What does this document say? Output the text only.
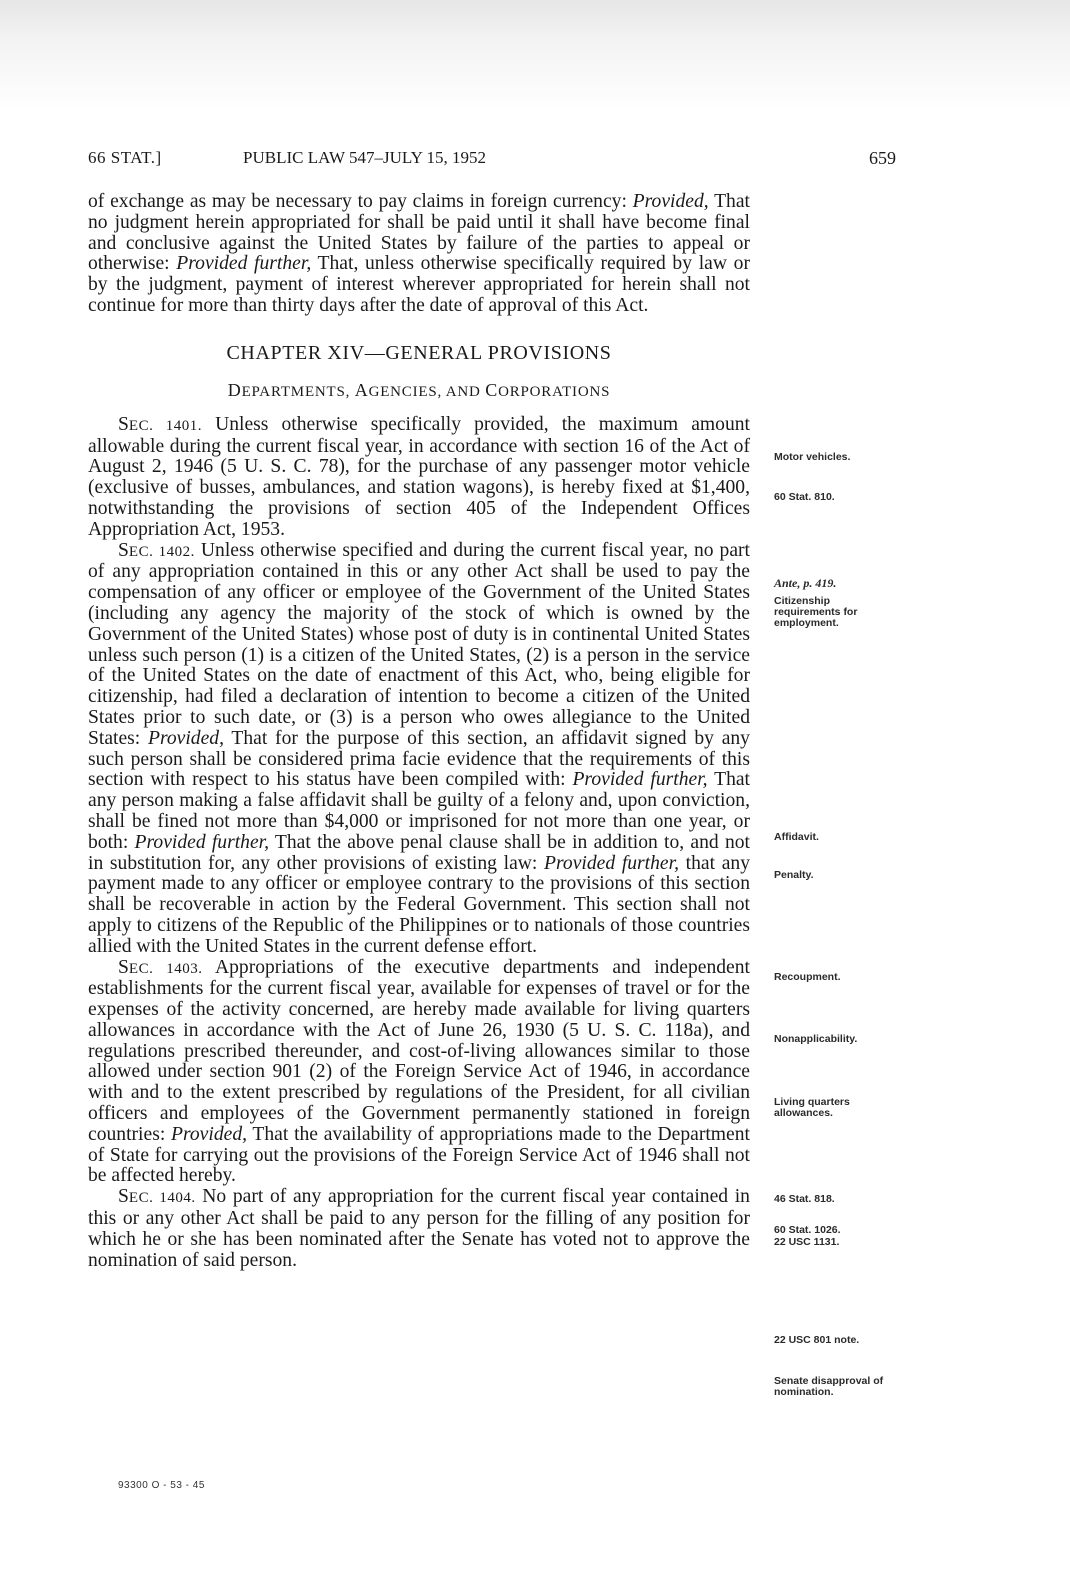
66 STAT.]	PUBLIC LAW 547–JULY 15, 1952	659

of exchange as may be necessary to pay claims in foreign currency: Provided, That no judgment herein appropriated for shall be paid until it shall have become final and conclusive against the United States by failure of the parties to appeal or otherwise: Provided further, That, unless otherwise specifically required by law or by the judgment, payment of interest wherever appropriated for herein shall not continue for more than thirty days after the date of approval of this Act.

CHAPTER XIV—GENERAL PROVISIONS
DEPARTMENTS, AGENCIES, AND CORPORATIONS

SEC. 1401. Unless otherwise specifically provided, the maximum amount allowable during the current fiscal year, in accordance with section 16 of the Act of August 2, 1946 (5 U. S. C. 78), for the purchase of any passenger motor vehicle (exclusive of busses, ambulances, and station wagons), is hereby fixed at $1,400, notwithstanding the provisions of section 405 of the Independent Offices Appropriation Act, 1953.

SEC. 1402. Unless otherwise specified and during the current fiscal year, no part of any appropriation contained in this or any other Act shall be used to pay the compensation of any officer or employee of the Government of the United States (including any agency the majority of the stock of which is owned by the Government of the United States) whose post of duty is in continental United States unless such person (1) is a citizen of the United States, (2) is a person in the service of the United States on the date of enactment of this Act, who, being eligible for citizenship, had filed a declaration of intention to become a citizen of the United States prior to such date, or (3) is a person who owes allegiance to the United States: Provided, That for the purpose of this section, an affidavit signed by any such person shall be considered prima facie evidence that the requirements of this section with respect to his status have been compiled with: Provided further, That any person making a false affidavit shall be guilty of a felony and, upon conviction, shall be fined not more than $4,000 or imprisoned for not more than one year, or both: Provided further, That the above penal clause shall be in addition to, and not in substitution for, any other provisions of existing law: Provided further, that any payment made to any officer or employee contrary to the provisions of this section shall be recoverable in action by the Federal Government. This section shall not apply to citizens of the Republic of the Philippines or to nationals of those countries allied with the United States in the current defense effort.

SEC. 1403. Appropriations of the executive departments and independent establishments for the current fiscal year, available for expenses of travel or for the expenses of the activity concerned, are hereby made available for living quarters allowances in accordance with the Act of June 26, 1930 (5 U. S. C. 118a), and regulations prescribed thereunder, and cost-of-living allowances similar to those allowed under section 901 (2) of the Foreign Service Act of 1946, in accordance with and to the extent prescribed by regulations of the President, for all civilian officers and employees of the Government permanently stationed in foreign countries: Provided, That the availability of appropriations made to the Department of State for carrying out the provisions of the Foreign Service Act of 1946 shall not be affected hereby.

SEC. 1404. No part of any appropriation for the current fiscal year contained in this or any other Act shall be paid to any person for the filling of any position for which he or she has been nominated after the Senate has voted not to approve the nomination of said person.

Motor vehicles.
60 Stat. 810.
Ante, p. 419.
Citizenship requirements for employment.
Affidavit.
Penalty.
Recoupment.
Nonapplicability.
Living quarters allowances.
46 Stat. 818.
60 Stat. 1026.
22 USC 1131.
22 USC 801 note.
Senate disapproval of nomination.
93300 O - 53 - 45
